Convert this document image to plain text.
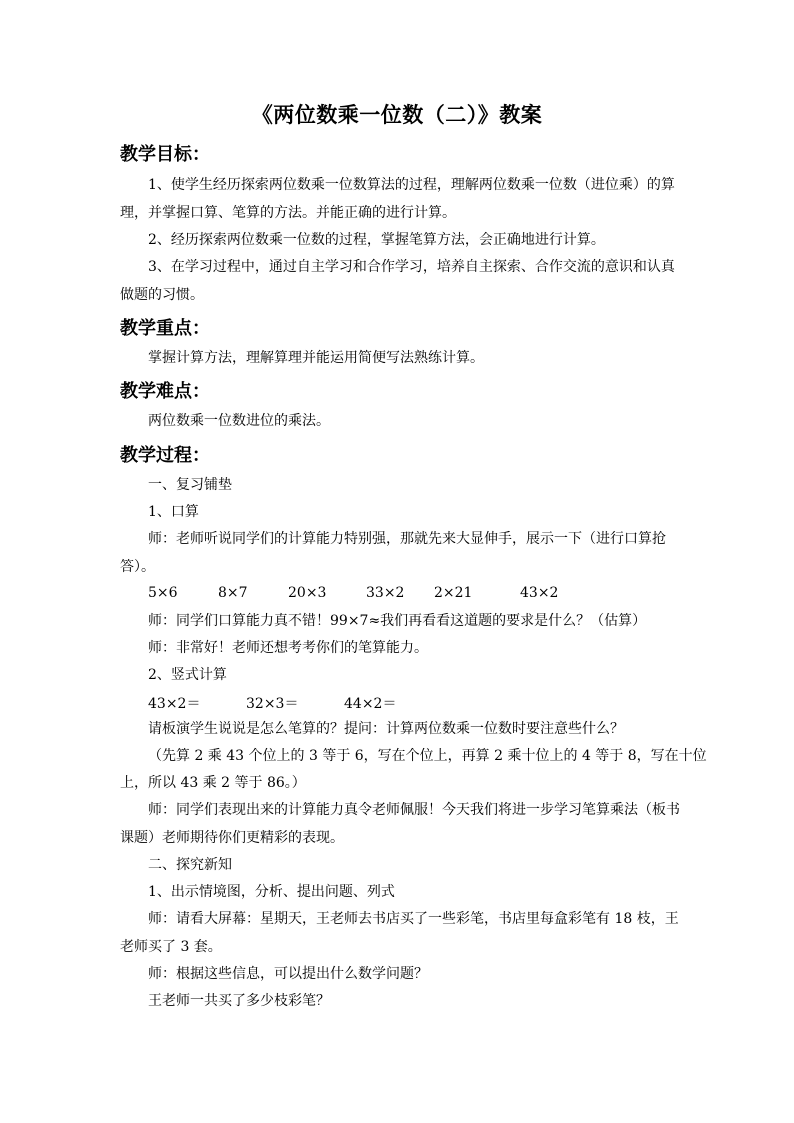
《两位数乘一位数（二）》教案
教学目标：
1、使学生经历探索两位数乘一位数算法的过程，理解两位数乘一位数（进位乘）的算
理，并掌握口算、笔算的方法。并能正确的进行计算。
2、经历探索两位数乘一位数的过程，掌握笔算方法，会正确地进行计算。
3、在学习过程中，通过自主学习和合作学习，培养自主探索、合作交流的意识和认真
做题的习惯。
教学重点：
掌握计算方法，理解算理并能运用简便写法熟练计算。
教学难点：
两位数乘一位数进位的乘法。
教学过程：
一、复习铺垫
1、口算
师：老师听说同学们的计算能力特别强，那就先来大显伸手，展示一下（进行口算抢
答）。
5×6	8×7	20×3	33×2 2×21	43×2
师：同学们口算能力真不错！99×7≈我们再看看这道题的要求是什么？（估算）
师：非常好！老师还想考考你们的笔算能力。
2、竖式计算
43×2＝	32×3＝	44×2＝
请板演学生说说是怎么笔算的？提问：计算两位数乘一位数时要注意些什么？
（先算 2 乘 43 个位上的 3 等于 6，写在个位上，再算 2 乘十位上的 4 等于 8，写在十位
上，所以 43 乘 2 等于 86。）
师：同学们表现出来的计算能力真令老师佩服！今天我们将进一步学习笔算乘法（板书
课题）老师期待你们更精彩的表现。
二、探究新知
1、出示情境图，分析、提出问题、列式
师：请看大屏幕：星期天，王老师去书店买了一些彩笔，书店里每盒彩笔有 18 枝，王
老师买了 3 套。
师：根据这些信息，可以提出什么数学问题？
王老师一共买了多少枝彩笔？
